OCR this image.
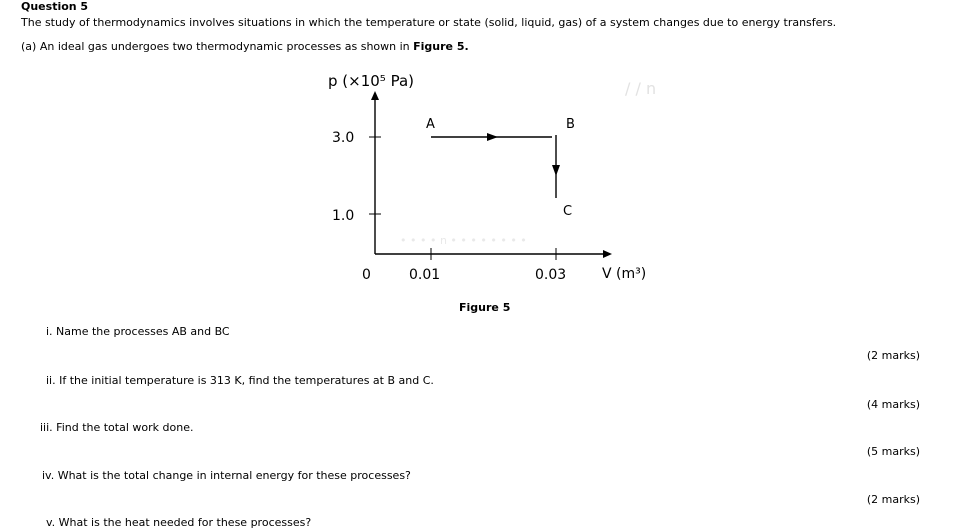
Question 5
The study of thermodynamics involves situations in which the temperature or state (solid, liquid, gas) of a system changes due to energy transfers.
(a) An ideal gas undergoes two thermodynamic processes as shown in Figure 5.
/ / n
• • • • n • • • • • • • •
3.0
1.0
0	0.01	0.03
p (×10⁵ Pa)
V (m³)
A	B
C
Figure 5
i. Name the processes AB and BC
(2 marks)
ii. If the initial temperature is 313 K, find the temperatures at B and C.
(4 marks)
iii. Find the total work done.
(5 marks)
iv. What is the total change in internal energy for these processes?
(2 marks)
v. What is the heat needed for these processes?
